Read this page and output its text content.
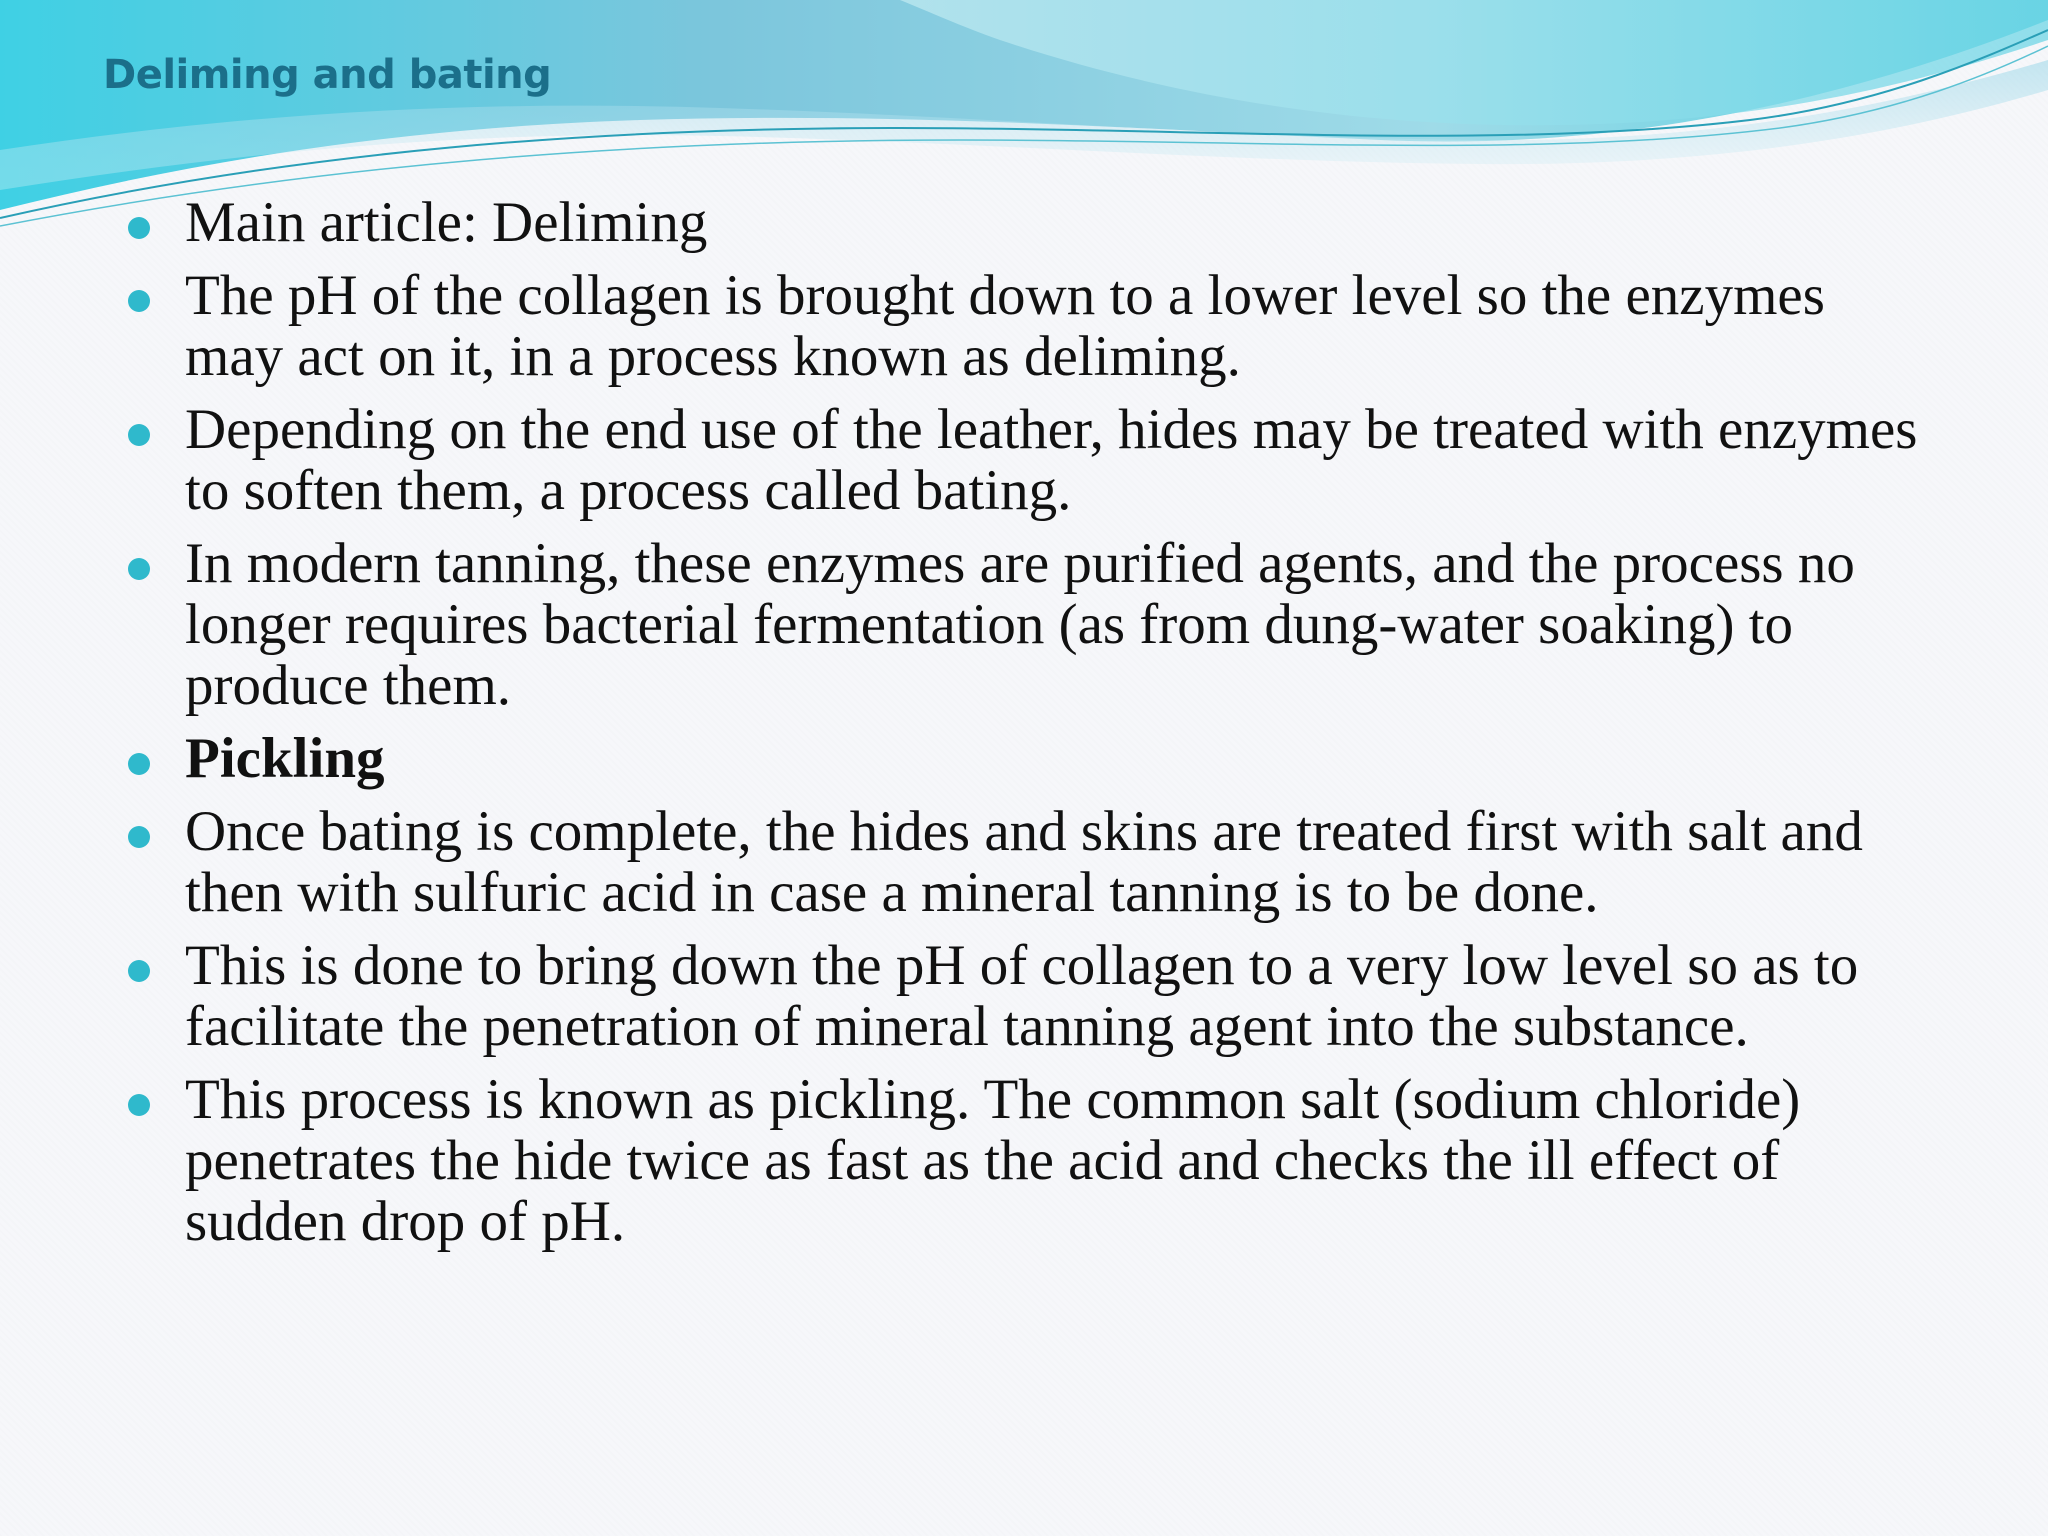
Deliming and bating
Main article: Deliming
The pH of the collagen is brought down to a lower level so the enzymes may act on it, in a process known as deliming.
Depending on the end use of the leather, hides may be treated with enzymes to soften them, a process called bating.
In modern tanning, these enzymes are purified agents, and the process no longer requires bacterial fermentation (as from dung-water soaking) to produce them.
Pickling
Once bating is complete, the hides and skins are treated first with salt and then with sulfuric acid in case a mineral tanning is to be done.
This is done to bring down the pH of collagen to a very low level so as to facilitate the penetration of mineral tanning agent into the substance.
This process is known as pickling. The common salt (sodium chloride) penetrates the hide twice as fast as the acid and checks the ill effect of sudden drop of pH.
